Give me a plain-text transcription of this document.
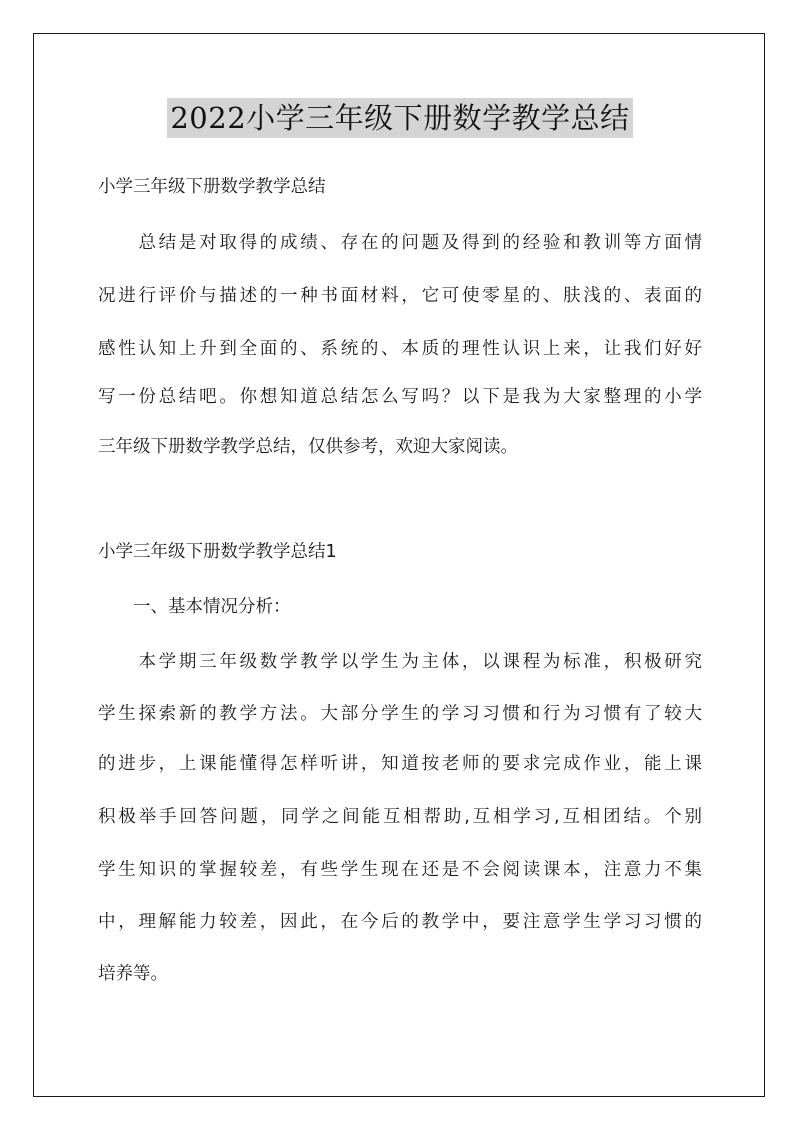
2022小学三年级下册数学教学总结

小学三年级下册数学教学总结

　　总结是对取得的成绩、存在的问题及得到的经验和教训等方面情

况进行评价与描述的一种书面材料，它可使零星的、肤浅的、表面的

感性认知上升到全面的、系统的、本质的理性认识上来，让我们好好

写一份总结吧。你想知道总结怎么写吗？以下是我为大家整理的小学

三年级下册数学教学总结，仅供参考，欢迎大家阅读。

小学三年级下册数学教学总结1

　　一、基本情况分析：

　　本学期三年级数学教学以学生为主体，以课程为标准，积极研究

学生探索新的教学方法。大部分学生的学习习惯和行为习惯有了较大

的进步，上课能懂得怎样听讲，知道按老师的要求完成作业，能上课

积极举手回答问题，同学之间能互相帮助,互相学习,互相团结。个别

学生知识的掌握较差，有些学生现在还是不会阅读课本，注意力不集

中，理解能力较差，因此，在今后的教学中，要注意学生学习习惯的

培养等。
